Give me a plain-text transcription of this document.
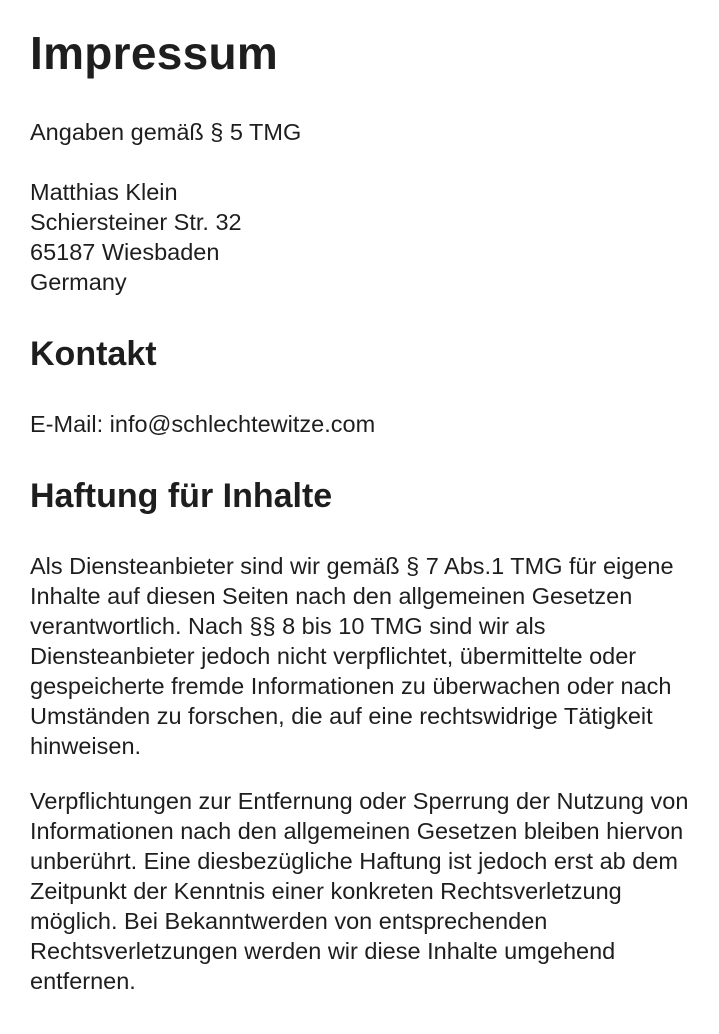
Impressum

Angaben gemäß § 5 TMG

Matthias Klein
Schiersteiner Str. 32
65187 Wiesbaden
Germany

Kontakt

E-Mail: info@schlechtewitze.com

Haftung für Inhalte

Als Diensteanbieter sind wir gemäß § 7 Abs.1 TMG für eigene Inhalte auf diesen Seiten nach den allgemeinen Gesetzen verantwortlich. Nach §§ 8 bis 10 TMG sind wir als Diensteanbieter jedoch nicht verpflichtet, übermittelte oder gespeicherte fremde Informationen zu überwachen oder nach Umständen zu forschen, die auf eine rechtswidrige Tätigkeit hinweisen.

Verpflichtungen zur Entfernung oder Sperrung der Nutzung von Informationen nach den allgemeinen Gesetzen bleiben hiervon unberührt. Eine diesbezügliche Haftung ist jedoch erst ab dem Zeitpunkt der Kenntnis einer konkreten Rechtsverletzung möglich. Bei Bekanntwerden von entsprechenden Rechtsverletzungen werden wir diese Inhalte umgehend entfernen.
